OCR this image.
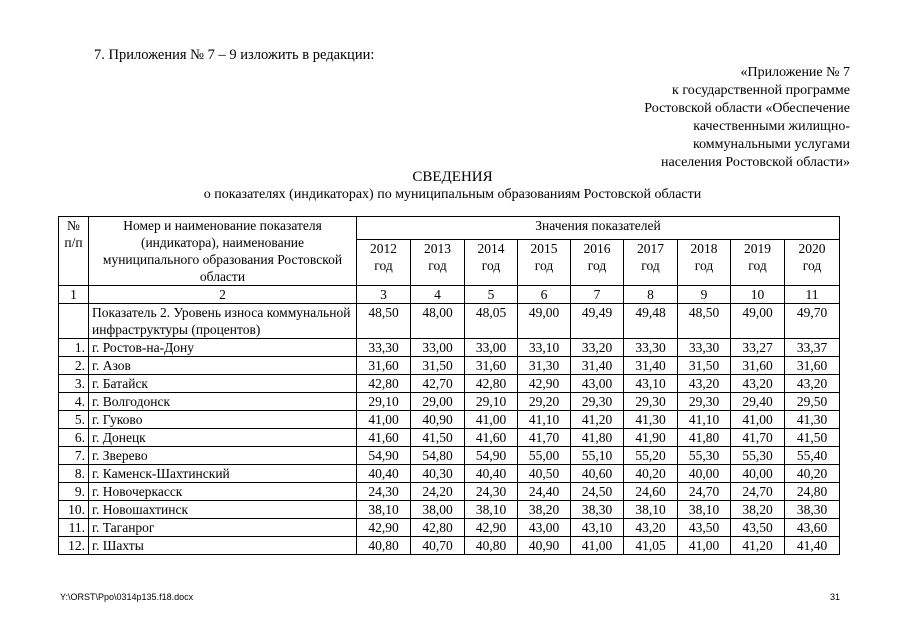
7. Приложения № 7 – 9 изложить в редакции:
«Приложение № 7
к государственной программе
Ростовской области «Обеспечение
качественными жилищно-
коммунальными услугами
населения Ростовской области»
СВЕДЕНИЯ
о показателях (индикаторах) по муниципальным образованиям Ростовской области
№ п/п	Номер и наименование показателя (индикатора), наименование муниципального образования Ростовской области	Значения показателей								
		2012 год	2013 год	2014 год	2015 год	2016 год	2017 год	2018 год	2019 год	2020 год
1	2	3	4	5	6	7	8	9	10	11
	Показатель 2. Уровень износа коммунальной инфраструктуры (процентов)	48,50	48,00	48,05	49,00	49,49	49,48	48,50	49,00	49,70
1.	г. Ростов-на-Дону	33,30	33,00	33,00	33,10	33,20	33,30	33,30	33,27	33,37
2.	г. Азов	31,60	31,50	31,60	31,30	31,40	31,40	31,50	31,60	31,60
3.	г. Батайск	42,80	42,70	42,80	42,90	43,00	43,10	43,20	43,20	43,20
4.	г. Волгодонск	29,10	29,00	29,10	29,20	29,30	29,30	29,30	29,40	29,50
5.	г. Гуково	41,00	40,90	41,00	41,10	41,20	41,30	41,10	41,00	41,30
6.	г. Донецк	41,60	41,50	41,60	41,70	41,80	41,90	41,80	41,70	41,50
7.	г. Зверево	54,90	54,80	54,90	55,00	55,10	55,20	55,30	55,30	55,40
8.	г. Каменск-Шахтинский	40,40	40,30	40,40	40,50	40,60	40,20	40,00	40,00	40,20
9.	г. Новочеркасск	24,30	24,20	24,30	24,40	24,50	24,60	24,70	24,70	24,80
10.	г. Новошахтинск	38,10	38,00	38,10	38,20	38,30	38,10	38,10	38,20	38,30
11.	г. Таганрог	42,90	42,80	42,90	43,00	43,10	43,20	43,50	43,50	43,60
12.	г. Шахты	40,80	40,70	40,80	40,90	41,00	41,05	41,00	41,20	41,40
Y:\ORST\Ppo\0314p135.f18.docx	31
